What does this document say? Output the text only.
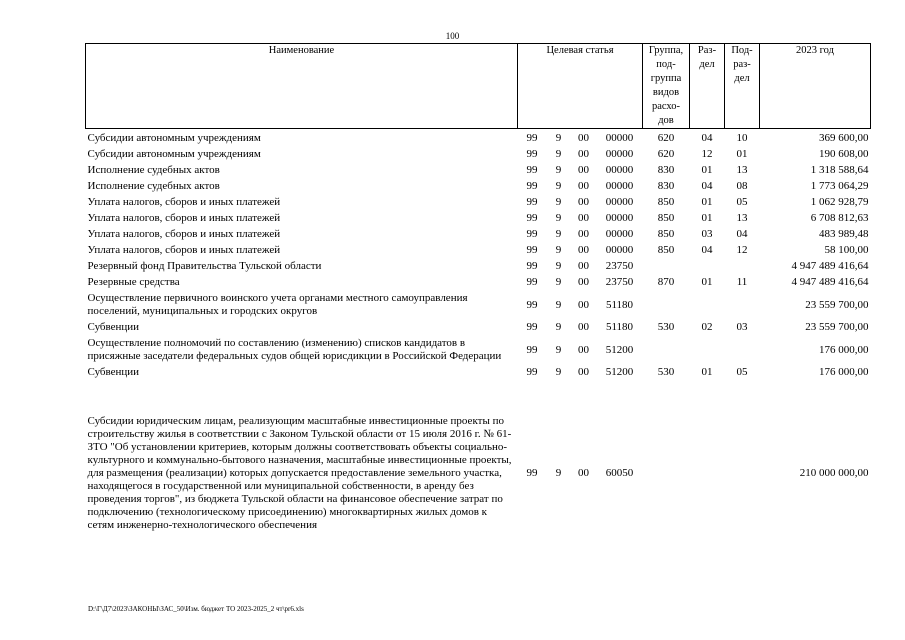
100
Наименование	Целевая статья				Группа, под- группа видов расхо- дов	Раз- дел	Под- раз- дел	2023 год
Субсидии автономным учреждениям	99	9	00	00000	620	04	10	369 600,00
Субсидии автономным учреждениям	99	9	00	00000	620	12	01	190 608,00
Исполнение судебных актов	99	9	00	00000	830	01	13	1 318 588,64
Исполнение судебных актов	99	9	00	00000	830	04	08	1 773 064,29
Уплата налогов, сборов и иных платежей	99	9	00	00000	850	01	05	1 062 928,79
Уплата налогов, сборов и иных платежей	99	9	00	00000	850	01	13	6 708 812,63
Уплата налогов, сборов и иных платежей	99	9	00	00000	850	03	04	483 989,48
Уплата налогов, сборов и иных платежей	99	9	00	00000	850	04	12	58 100,00
Резервный фонд Правительства Тульской области	99	9	00	23750				4 947 489 416,64
Резервные средства	99	9	00	23750	870	01	11	4 947 489 416,64
Осуществление первичного воинского учета органами местного самоуправления поселений, муниципальных и городских округов	99	9	00	51180				23 559 700,00
Субвенции	99	9	00	51180	530	02	03	23 559 700,00
Осуществление полномочий по составлению (изменению) списков кандидатов в присяжные заседатели федеральных судов общей юрисдикции в Российской Федерации	99	9	00	51200				176 000,00
Субвенции	99	9	00	51200	530	01	05	176 000,00
Субсидии юридическим лицам, реализующим масштабные инвестиционные проекты по строительству жилья в соответствии с Законом Тульской области от 15 июля 2016 г. № 61-ЗТО "Об установлении критериев, которым должны соответствовать объекты социально-культурного и коммунально-бытового назначения, масштабные инвестиционные проекты, для размещения (реализации) которых допускается предоставление земельного участка, находящегося в государственной или муниципальной собственности, в аренду без проведения торгов", из бюджета Тульской области на финансовое обеспечение затрат по подключению (технологическому присоединению) многоквартирных жилых домов к сетям инженерно-технологического обеспечения	99	9	00	60050				210 000 000,00
D:\Г\Д7\2023\ЗАКОНЫ\ЗАС_50\Изм. бюджет ТО 2023-2025_2 чт\pr6.xls
